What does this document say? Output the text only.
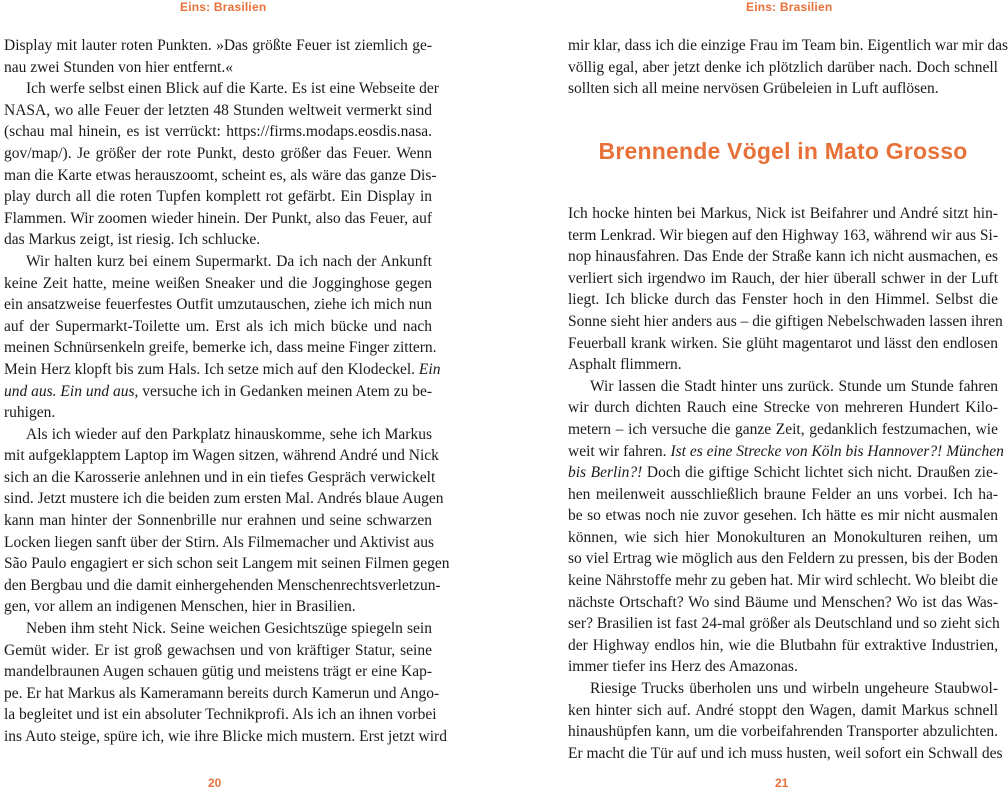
Eins: Brasilien
Display mit lauter roten Punkten. »Das größte Feuer ist ziemlich ge-
nau zwei Stunden von hier entfernt.«
Ich werfe selbst einen Blick auf die Karte. Es ist eine Webseite der
NASA, wo alle Feuer der letzten 48 Stunden weltweit vermerkt sind
(schau mal hinein, es ist verrückt: https://firms.modaps.eosdis.nasa.
gov/map/). Je größer der rote Punkt, desto größer das Feuer. Wenn
man die Karte etwas herauszoomt, scheint es, als wäre das ganze Dis-
play durch all die roten Tupfen komplett rot gefärbt. Ein Display in
Flammen. Wir zoomen wieder hinein. Der Punkt, also das Feuer, auf
das Markus zeigt, ist riesig. Ich schlucke.
Wir halten kurz bei einem Supermarkt. Da ich nach der Ankunft
keine Zeit hatte, meine weißen Sneaker und die Jogginghose gegen
ein ansatzweise feuerfestes Outfit umzutauschen, ziehe ich mich nun
auf der Supermarkt-Toilette um. Erst als ich mich bücke und nach
meinen Schnürsenkeln greife, bemerke ich, dass meine Finger zittern.
Mein Herz klopft bis zum Hals. Ich setze mich auf den Klodeckel. Ein
und aus. Ein und aus, versuche ich in Gedanken meinen Atem zu be-
ruhigen.
Als ich wieder auf den Parkplatz hinauskomme, sehe ich Markus
mit aufgeklapptem Laptop im Wagen sitzen, während André und Nick
sich an die Karosserie anlehnen und in ein tiefes Gespräch verwickelt
sind. Jetzt mustere ich die beiden zum ersten Mal. Andrés blaue Augen
kann man hinter der Sonnenbrille nur erahnen und seine schwarzen
Locken liegen sanft über der Stirn. Als Filmemacher und Aktivist aus
São Paulo engagiert er sich schon seit Langem mit seinen Filmen gegen
den Bergbau und die damit einhergehenden Menschenrechtsverletzun-
gen, vor allem an indigenen Menschen, hier in Brasilien.
Neben ihm steht Nick. Seine weichen Gesichtszüge spiegeln sein
Gemüt wider. Er ist groß gewachsen und von kräftiger Statur, seine
mandelbraunen Augen schauen gütig und meistens trägt er eine Kap-
pe. Er hat Markus als Kameramann bereits durch Kamerun und Ango-
la begleitet und ist ein absoluter Technikprofi. Als ich an ihnen vorbei
ins Auto steige, spüre ich, wie ihre Blicke mich mustern. Erst jetzt wird
20
Eins: Brasilien
mir klar, dass ich die einzige Frau im Team bin. Eigentlich war mir das
völlig egal, aber jetzt denke ich plötzlich darüber nach. Doch schnell
sollten sich all meine nervösen Grübeleien in Luft auflösen.
Brennende Vögel in Mato Grosso
Ich hocke hinten bei Markus, Nick ist Beifahrer und André sitzt hin-
term Lenkrad. Wir biegen auf den Highway 163, während wir aus Si-
nop hinausfahren. Das Ende der Straße kann ich nicht ausmachen, es
verliert sich irgendwo im Rauch, der hier überall schwer in der Luft
liegt. Ich blicke durch das Fenster hoch in den Himmel. Selbst die
Sonne sieht hier anders aus – die giftigen Nebelschwaden lassen ihren
Feuerball krank wirken. Sie glüht magentarot und lässt den endlosen
Asphalt flimmern.
Wir lassen die Stadt hinter uns zurück. Stunde um Stunde fahren
wir durch dichten Rauch eine Strecke von mehreren Hundert Kilo-
metern – ich versuche die ganze Zeit, gedanklich festzumachen, wie
weit wir fahren. Ist es eine Strecke von Köln bis Hannover?! München
bis Berlin?! Doch die giftige Schicht lichtet sich nicht. Draußen zie-
hen meilenweit ausschließlich braune Felder an uns vorbei. Ich ha-
be so etwas noch nie zuvor gesehen. Ich hätte es mir nicht ausmalen
können, wie sich hier Monokulturen an Monokulturen reihen, um
so viel Ertrag wie möglich aus den Feldern zu pressen, bis der Boden
keine Nährstoffe mehr zu geben hat. Mir wird schlecht. Wo bleibt die
nächste Ortschaft? Wo sind Bäume und Menschen? Wo ist das Was-
ser? Brasilien ist fast 24-mal größer als Deutschland und so zieht sich
der Highway endlos hin, wie die Blutbahn für extraktive Industrien,
immer tiefer ins Herz des Amazonas.
Riesige Trucks überholen uns und wirbeln ungeheure Staubwol-
ken hinter sich auf. André stoppt den Wagen, damit Markus schnell
hinaushüpfen kann, um die vorbeifahrenden Transporter abzulichten.
Er macht die Tür auf und ich muss husten, weil sofort ein Schwall des
21
